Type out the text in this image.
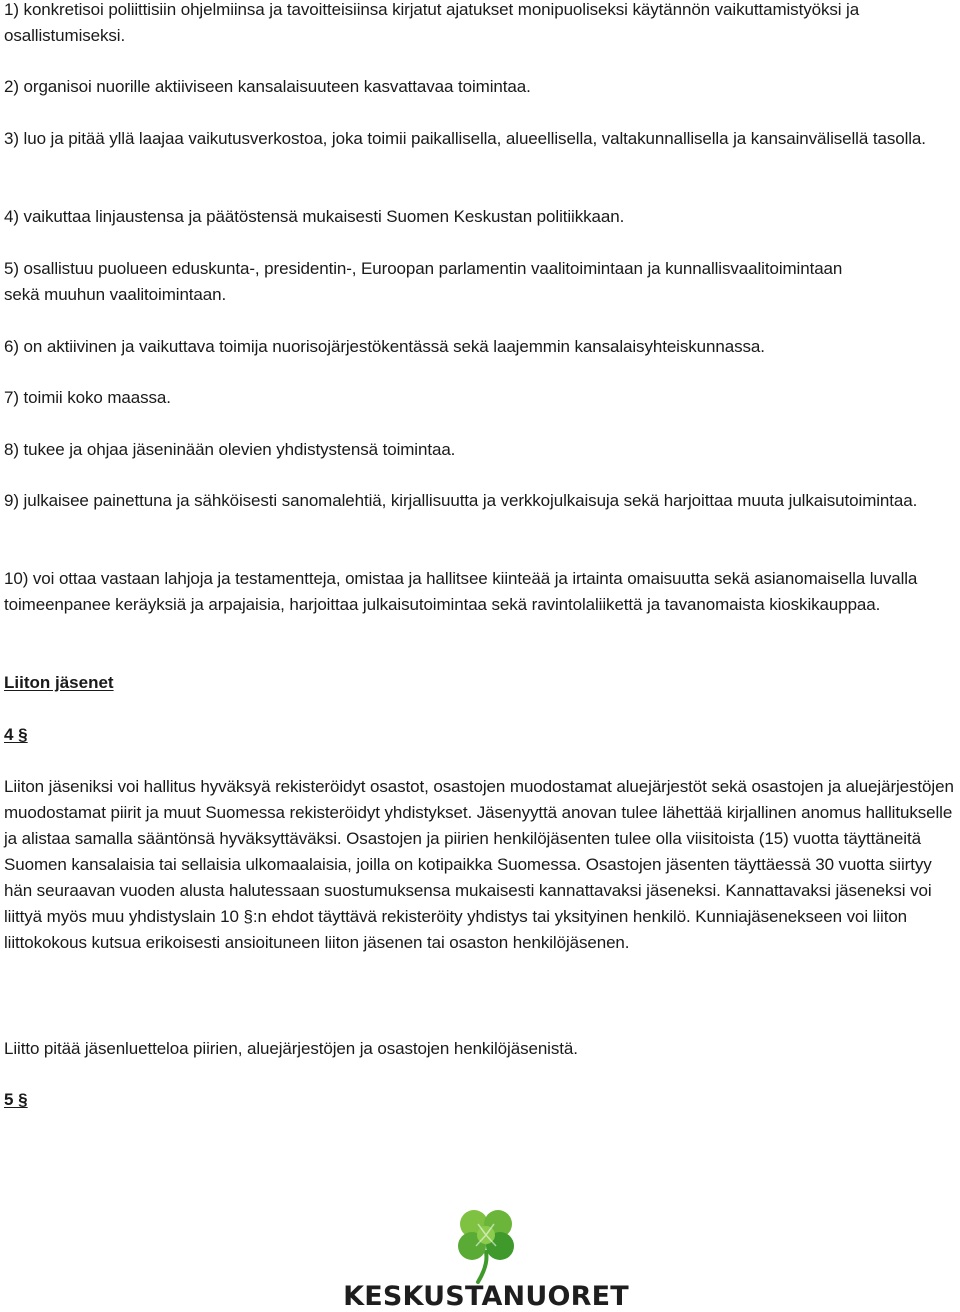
1) konkretisoi poliittisiin ohjelmiinsa ja tavoitteisiinsa kirjatut ajatukset monipuoliseksi käytännön vaikuttamistyöksi ja osallistumiseksi.

2) organisoi nuorille aktiiviseen kansalaisuuteen kasvattavaa toimintaa.

3) luo ja pitää yllä laajaa vaikutusverkostoa, joka toimii paikallisella, alueellisella, valtakunnallisella ja kansainvälisellä tasolla.

4) vaikuttaa linjaustensa ja päätöstensä mukaisesti Suomen Keskustan politiikkaan.

5) osallistuu puolueen eduskunta-, presidentin-, Euroopan parlamentin vaalitoimintaan ja kunnallisvaalitoimintaan sekä muuhun vaalitoimintaan.

6) on aktiivinen ja vaikuttava toimija nuorisojärjestökentässä sekä laajemmin kansalaisyhteiskunnassa.

7) toimii koko maassa.

8) tukee ja ohjaa jäseninään olevien yhdistystensä toimintaa.

9) julkaisee painettuna ja sähköisesti sanomalehtiä, kirjallisuutta ja verkkojulkaisuja sekä harjoittaa muuta julkaisutoimintaa.

10) voi ottaa vastaan lahjoja ja testamentteja, omistaa ja hallitsee kiinteää ja irtainta omaisuutta sekä asianomaisella luvalla toimeenpanee keräyksiä ja arpajaisia, harjoittaa julkaisutoimintaa sekä ravintolaliikettä ja tavanomaista kioskikauppaa.

Liiton jäsenet

4 §

Liiton jäseniksi voi hallitus hyväksyä rekisteröidyt osastot, osastojen muodostamat aluejärjestöt sekä osastojen ja aluejärjestöjen muodostamat piirit ja muut Suomessa rekisteröidyt yhdistykset. Jäsenyyttä anovan tulee lähettää kirjallinen anomus hallitukselle ja alistaa samalla sääntönsä hyväksyttäväksi. Osastojen ja piirien henkilöjäsenten tulee olla viisitoista (15) vuotta täyttäneitä Suomen kansalaisia tai sellaisia ulkomaalaisia, joilla on kotipaikka Suomessa. Osastojen jäsenten täyttäessä 30 vuotta siirtyy hän seuraavan vuoden alusta halutessaan suostumuksensa mukaisesti kannattavaksi jäseneksi. Kannattavaksi jäseneksi voi liittyä myös muu yhdistyslain 10 §:n ehdot täyttävä rekisteröity yhdistys tai yksityinen henkilö. Kunniajäsenekseen voi liiton liittokokous kutsua erikoisesti ansioituneen liiton jäsenen tai osaston henkilöjäsenen.

Liitto pitää jäsenluetteloa piirien, aluejärjestöjen ja osastojen henkilöjäsenistä.

5 §

KESKUSTANUORET
